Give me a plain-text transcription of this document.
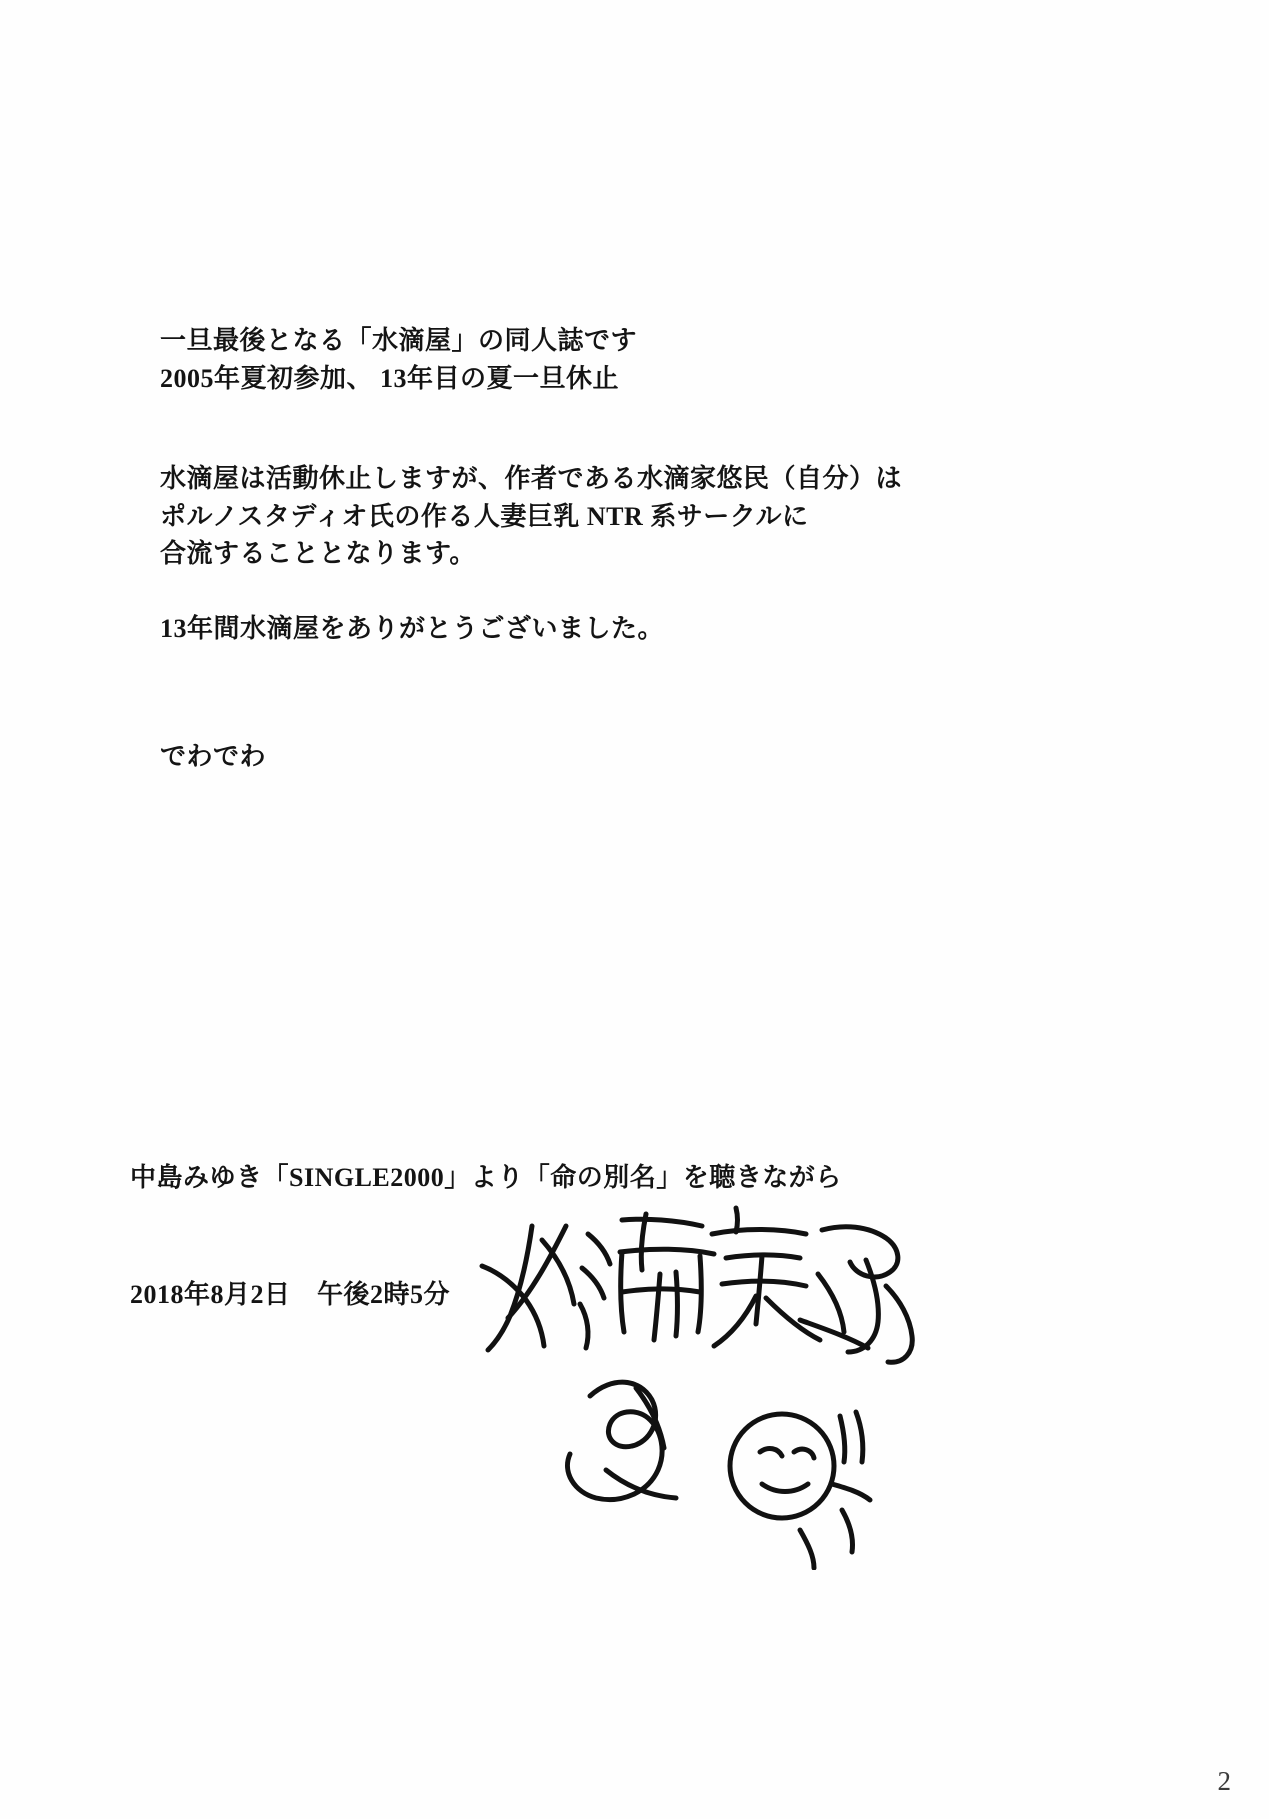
一旦最後となる「水滴屋」の同人誌です
2005年夏初参加、 13年目の夏一旦休止
水滴屋は活動休止しますが、作者である水滴家悠民（自分）は
ポルノスタディオ氏の作る人妻巨乳 NTR 系サークルに
合流することとなります。
13年間水滴屋をありがとうございました。
でわでわ

中島みゆき「SINGLE2000」より「命の別名」を聴きながら

2018年8月2日　午後2時5分

2
